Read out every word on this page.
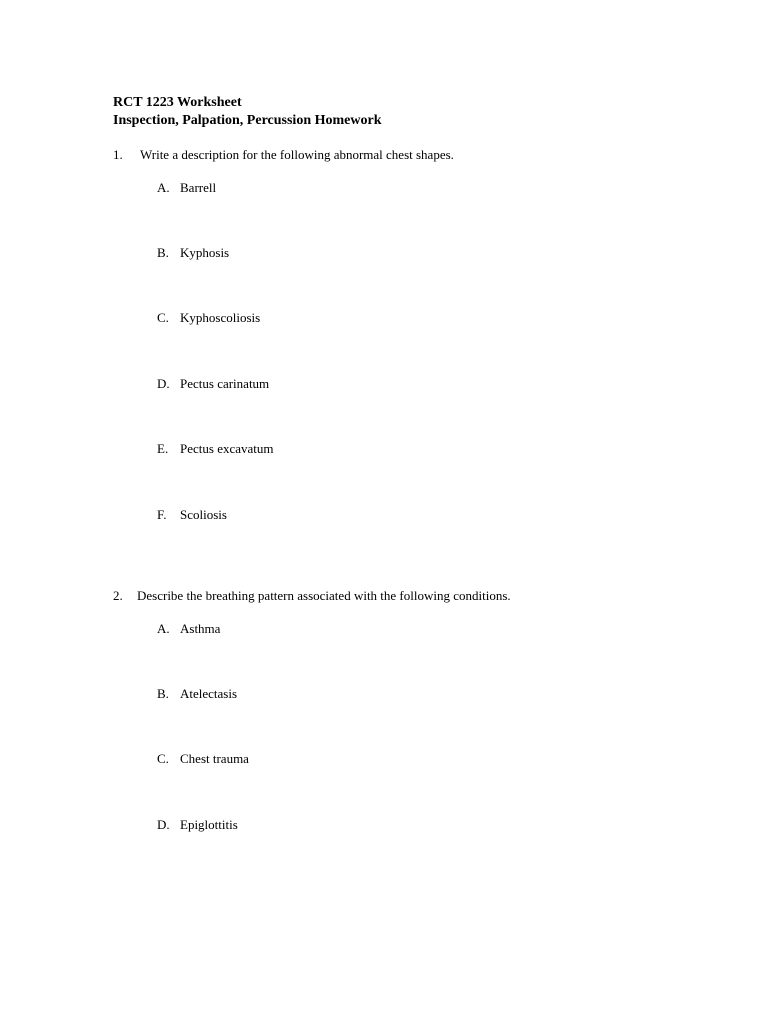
RCT 1223 Worksheet
Inspection, Palpation, Percussion Homework
1. Write a description for the following abnormal chest shapes.
A. Barrell
B. Kyphosis
C. Kyphoscoliosis
D. Pectus carinatum
E. Pectus excavatum
F. Scoliosis
2. Describe the breathing pattern associated with the following conditions.
A. Asthma
B. Atelectasis
C. Chest trauma
D. Epiglottitis
